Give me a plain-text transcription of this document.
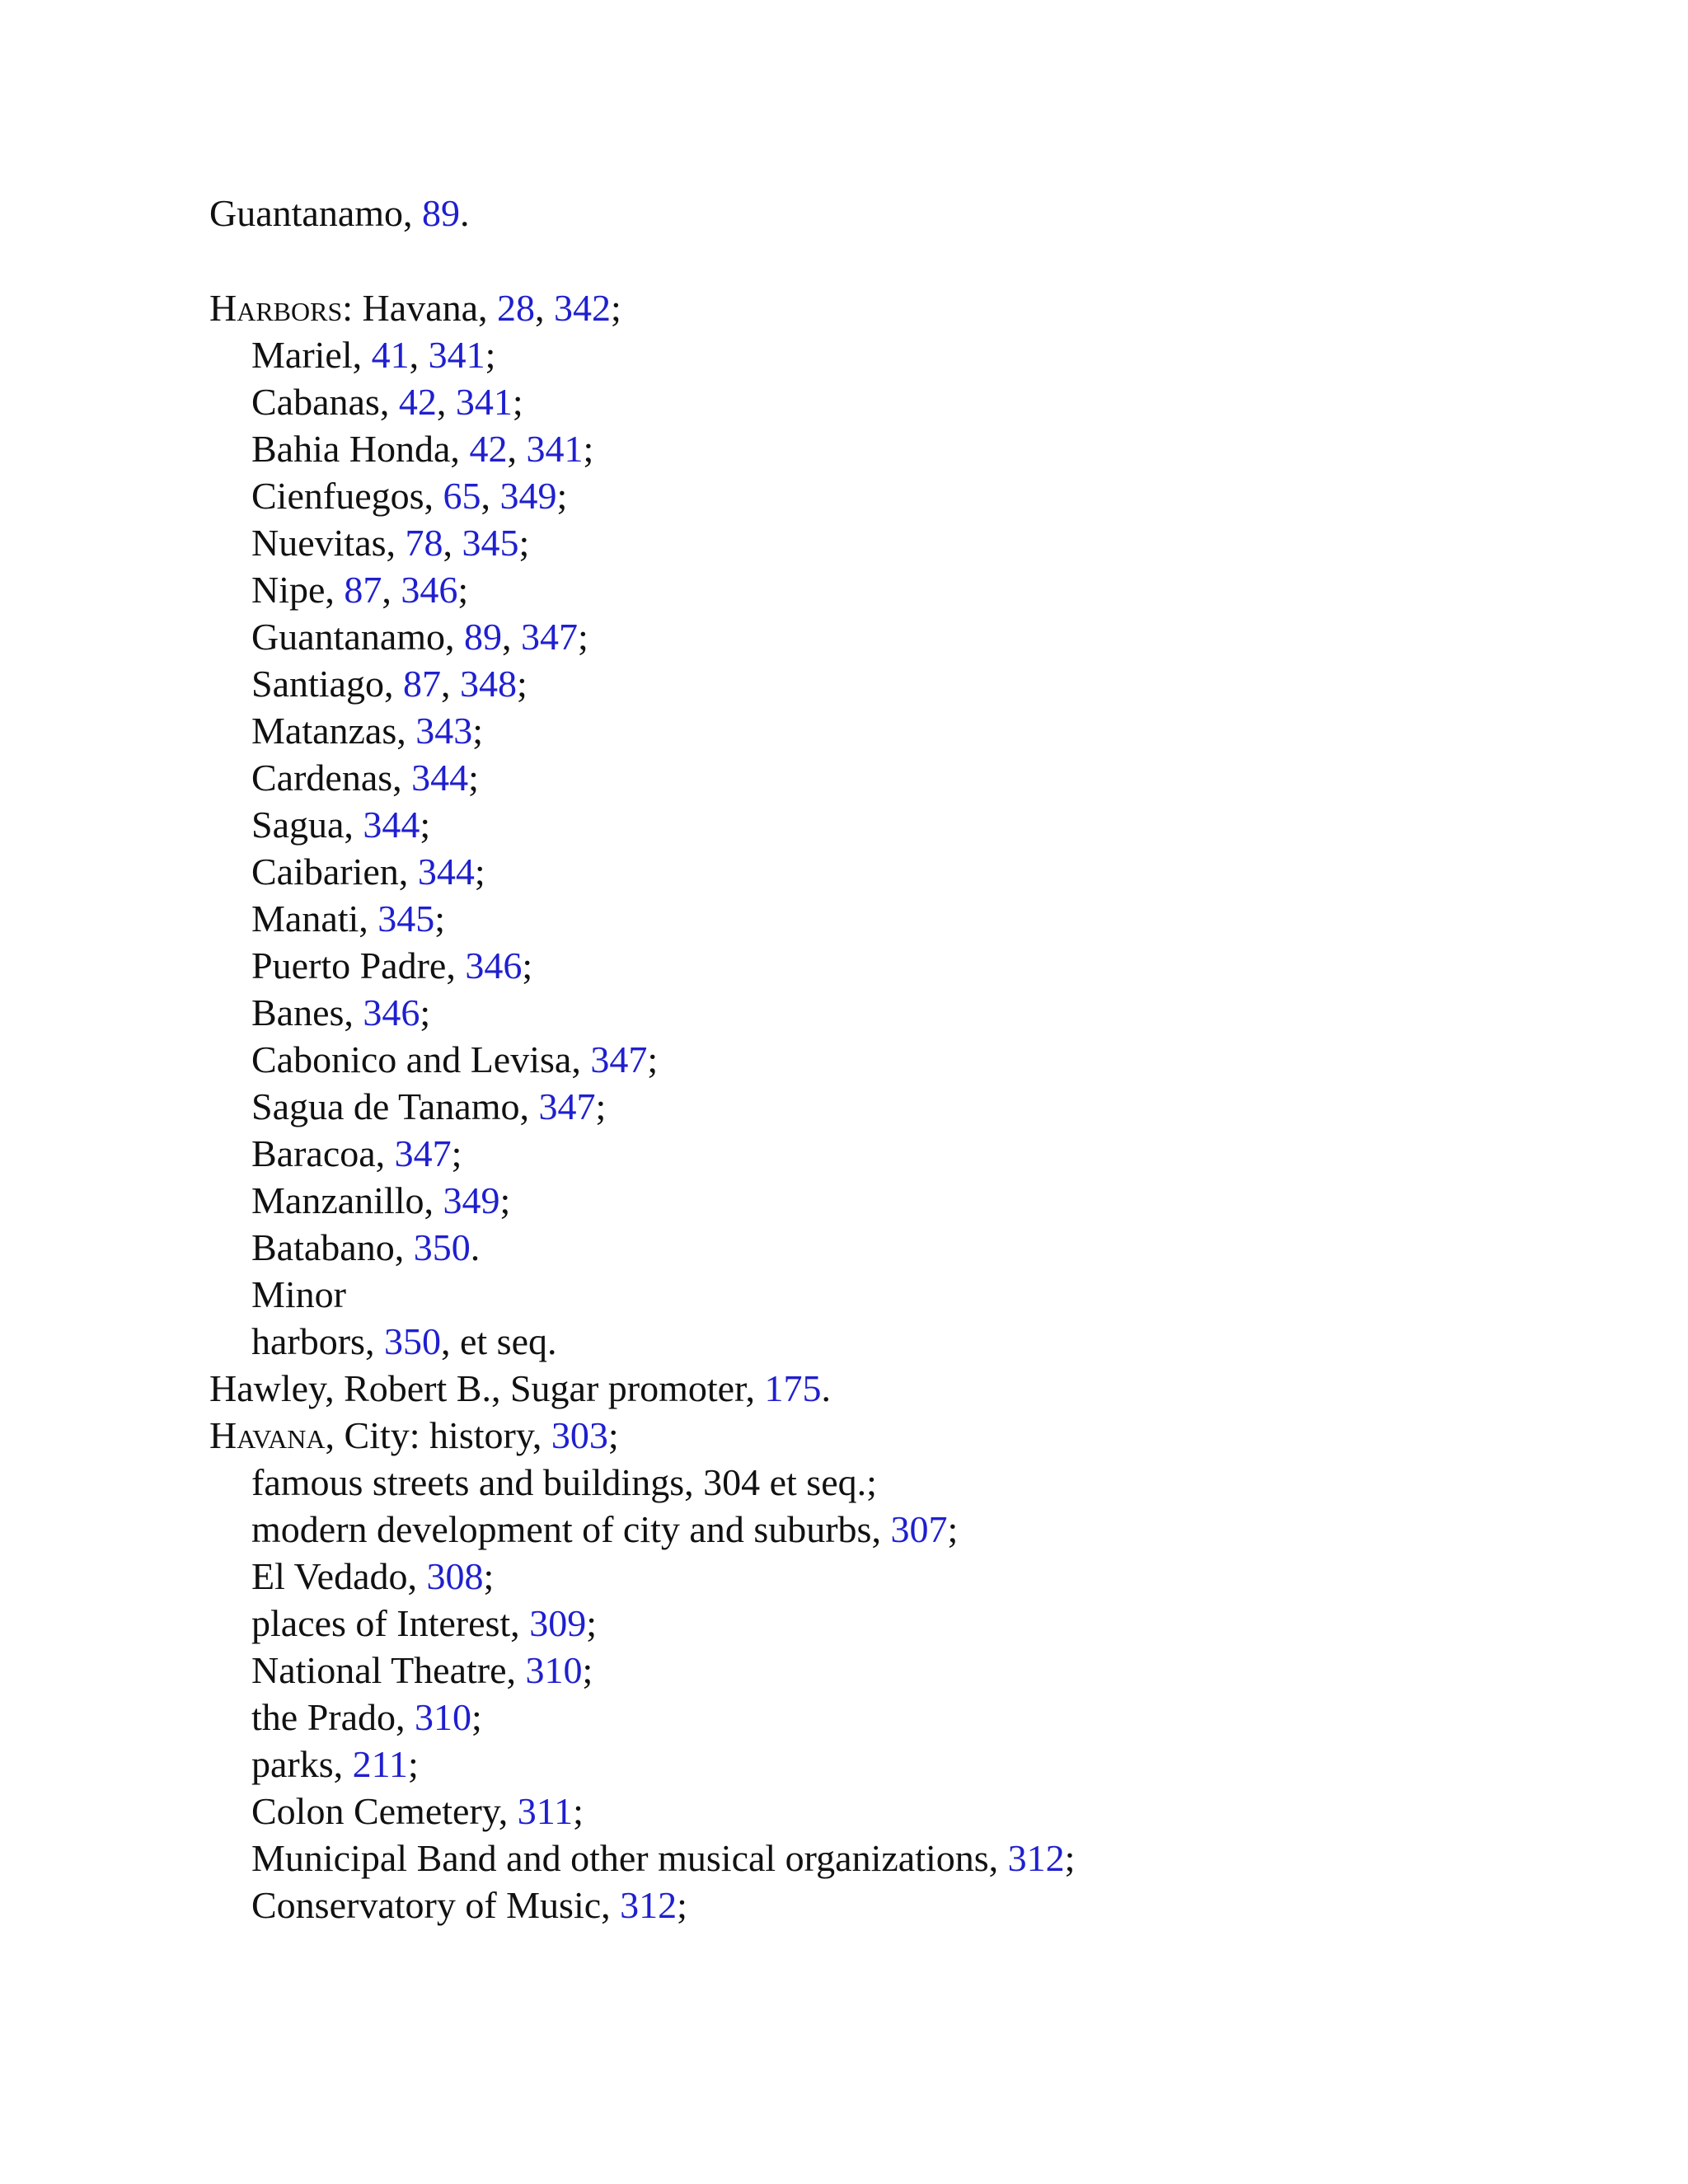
Guantanamo, 89.
Harbors: Havana, 28, 342;
Mariel, 41, 341;
Cabanas, 42, 341;
Bahia Honda, 42, 341;
Cienfuegos, 65, 349;
Nuevitas, 78, 345;
Nipe, 87, 346;
Guantanamo, 89, 347;
Santiago, 87, 348;
Matanzas, 343;
Cardenas, 344;
Sagua, 344;
Caibarien, 344;
Manati, 345;
Puerto Padre, 346;
Banes, 346;
Cabonico and Levisa, 347;
Sagua de Tanamo, 347;
Baracoa, 347;
Manzanillo, 349;
Batabano, 350.
Minor
harbors, 350, et seq.
Hawley, Robert B., Sugar promoter, 175.
Havana, City: history, 303;
famous streets and buildings, 304 et seq.;
modern development of city and suburbs, 307;
El Vedado, 308;
places of Interest, 309;
National Theatre, 310;
the Prado, 310;
parks, 211;
Colon Cemetery, 311;
Municipal Band and other musical organizations, 312;
Conservatory of Music, 312;
